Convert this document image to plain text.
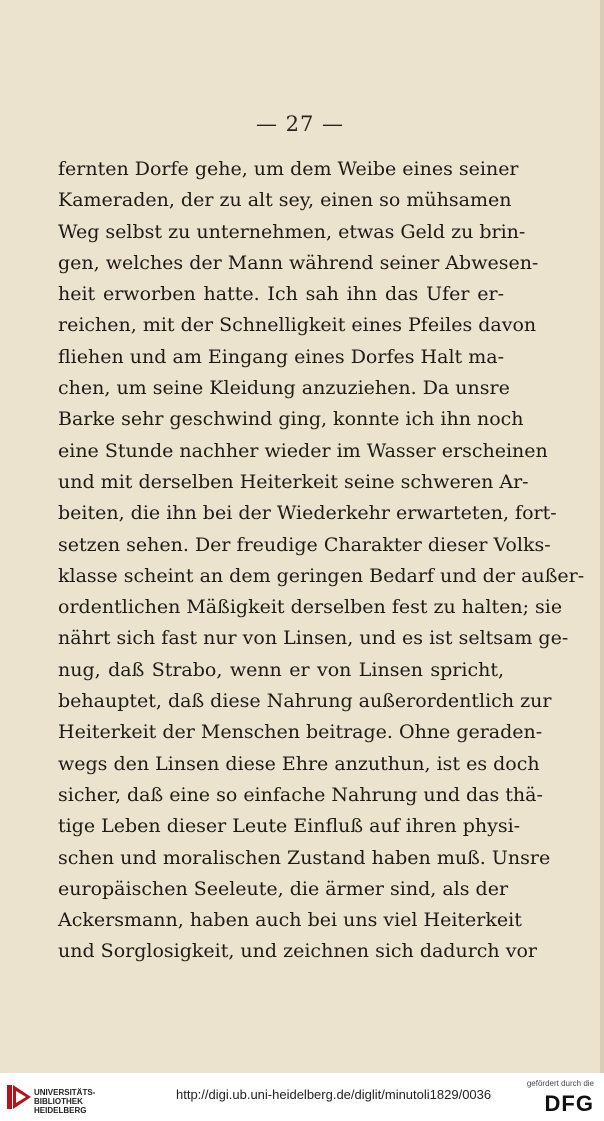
— 27 —
fernten Dorfe gehe, um dem Weibe eines seiner
Kameraden, der zu alt sey, einen so mühsamen
Weg selbst zu unternehmen, etwas Geld zu brin-
gen, welches der Mann während seiner Abwesen-
heit erworben hatte. Ich sah ihn das Ufer er-
reichen, mit der Schnelligkeit eines Pfeiles davon
fliehen und am Eingang eines Dorfes Halt ma-
chen, um seine Kleidung anzuziehen. Da unsre
Barke sehr geschwind ging, konnte ich ihn noch
eine Stunde nachher wieder im Wasser erscheinen
und mit derselben Heiterkeit seine schweren Ar-
beiten, die ihn bei der Wiederkehr erwarteten, fort-
setzen sehen. Der freudige Charakter dieser Volks-
klasse scheint an dem geringen Bedarf und der außer-
ordentlichen Mäßigkeit derselben fest zu halten; sie
nährt sich fast nur von Linsen, und es ist seltsam ge-
nug, daß Strabo, wenn er von Linsen spricht,
behauptet, daß diese Nahrung außerordentlich zur
Heiterkeit der Menschen beitrage. Ohne geraden-
wegs den Linsen diese Ehre anzuthun, ist es doch
sicher, daß eine so einfache Nahrung und das thä-
tige Leben dieser Leute Einfluß auf ihren physi-
schen und moralischen Zustand haben muß. Unsre
europäischen Seeleute, die ärmer sind, als der
Ackersmann, haben auch bei uns viel Heiterkeit
und Sorglosigkeit, und zeichnen sich dadurch vor
UNIVERSITÄTS-
BIBLIOTHEK
HEIDELBERG
http://digi.ub.uni-heidelberg.de/diglit/minutoli1829/0036
gefördert durch die
DFG
